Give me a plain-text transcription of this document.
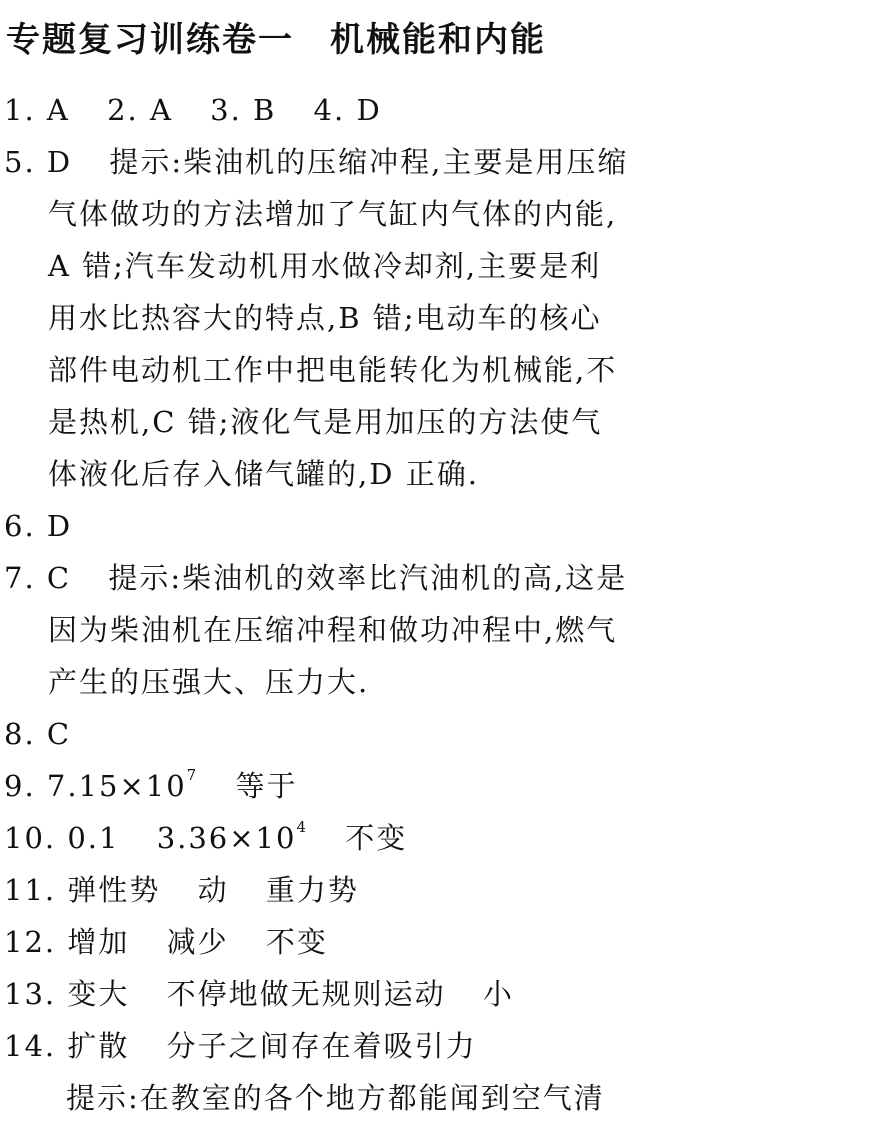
专题复习训练卷一 机械能和内能
1. A 2. A 3. B 4. D
5. D 提示:柴油机的压缩冲程,主要是用压缩
气体做功的方法增加了气缸内气体的内能,
A 错;汽车发动机用水做冷却剂,主要是利
用水比热容大的特点,B 错;电动车的核心
部件电动机工作中把电能转化为机械能,不
是热机,C 错;液化气是用加压的方法使气
体液化后存入储气罐的,D 正确.
6. D
7. C 提示:柴油机的效率比汽油机的高,这是
因为柴油机在压缩冲程和做功冲程中,燃气
产生的压强大、压力大.
8. C
9. $7.15\times 10^7$ 等于
10. 0.1 $3.36\times 10^4$ 不变
11. 弹性势 动 重力势
12. 增加 减少 不变
13. 变大 不停地做无规则运动 小
14. 扩散 分子之间存在着吸引力
提示:在教室的各个地方都能闻到空气清
